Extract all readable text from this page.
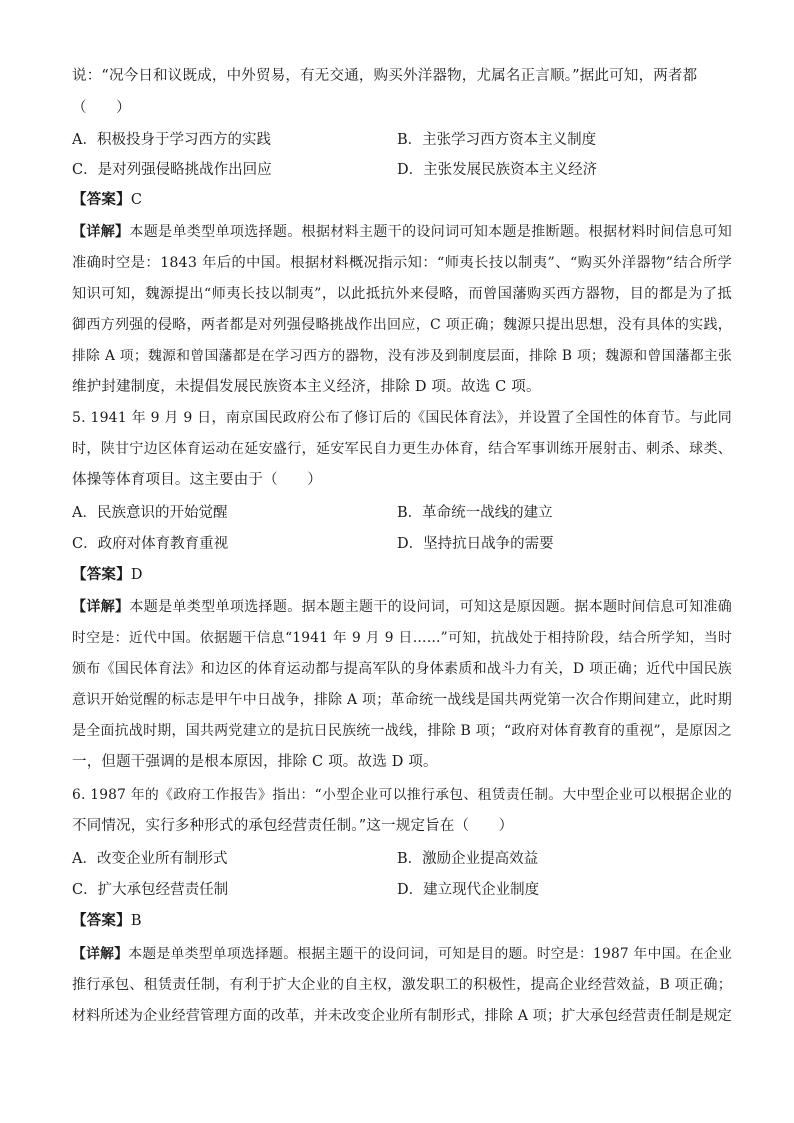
说：“况今日和议既成，中外贸易，有无交通，购买外洋器物，尤属名正言顺。”据此可知，两者都
（　　）
A．积极投身于学习西方的实践	B．主张学习西方资本主义制度
C．是对列强侵略挑战作出回应	D．主张发展民族资本主义经济
【答案】C
【详解】本题是单类型单项选择题。根据材料主题干的设问词可知本题是推断题。根据材料时间信息可知
准确时空是：1843 年后的中国。根据材料概况指示知：“师夷长技以制夷”、“购买外洋器物”结合所学
知识可知，魏源提出“师夷长技以制夷”，以此抵抗外来侵略，而曾国藩购买西方器物，目的都是为了抵
御西方列强的侵略，两者都是对列强侵略挑战作出回应，C 项正确；魏源只提出思想，没有具体的实践，
排除 A 项；魏源和曾国藩都是在学习西方的器物，没有涉及到制度层面，排除 B 项；魏源和曾国藩都主张
维护封建制度，未提倡发展民族资本主义经济，排除 D 项。故选 C 项。
5. 1941 年 9 月 9 日，南京国民政府公布了修订后的《国民体育法》，并设置了全国性的体育节。与此同
时，陕甘宁边区体育运动在延安盛行，延安军民自力更生办体育，结合军事训练开展射击、刺杀、球类、
体操等体育项目。这主要由于（　　）
A．民族意识的开始觉醒	B．革命统一战线的建立
C．政府对体育教育重视	D．坚持抗日战争的需要
【答案】D
【详解】本题是单类型单项选择题。据本题主题干的设问词，可知这是原因题。据本题时间信息可知准确
时空是：近代中国。依据题干信息“1941 年 9 月 9 日……”可知，抗战处于相持阶段，结合所学知，当时
颁布《国民体育法》和边区的体育运动都与提高军队的身体素质和战斗力有关，D 项正确；近代中国民族
意识开始觉醒的标志是甲午中日战争，排除 A 项；革命统一战线是国共两党第一次合作期间建立，此时期
是全面抗战时期，国共两党建立的是抗日民族统一战线，排除 B 项；“政府对体育教育的重视”，是原因之
一，但题干强调的是根本原因，排除 C 项。故选 D 项。
6. 1987 年的《政府工作报告》指出：“小型企业可以推行承包、租赁责任制。大中型企业可以根据企业的
不同情况，实行多种形式的承包经营责任制。”这一规定旨在（　　）
A．改变企业所有制形式	B．激励企业提高效益
C．扩大承包经营责任制	D．建立现代企业制度
【答案】B
【详解】本题是单类型单项选择题。根据主题干的设问词，可知是目的题。时空是：1987 年中国。在企业
推行承包、租赁责任制，有利于扩大企业的自主权，激发职工的积极性，提高企业经营效益，B 项正确；
材料所述为企业经营管理方面的改革，并未改变企业所有制形式，排除 A 项；扩大承包经营责任制是规定
